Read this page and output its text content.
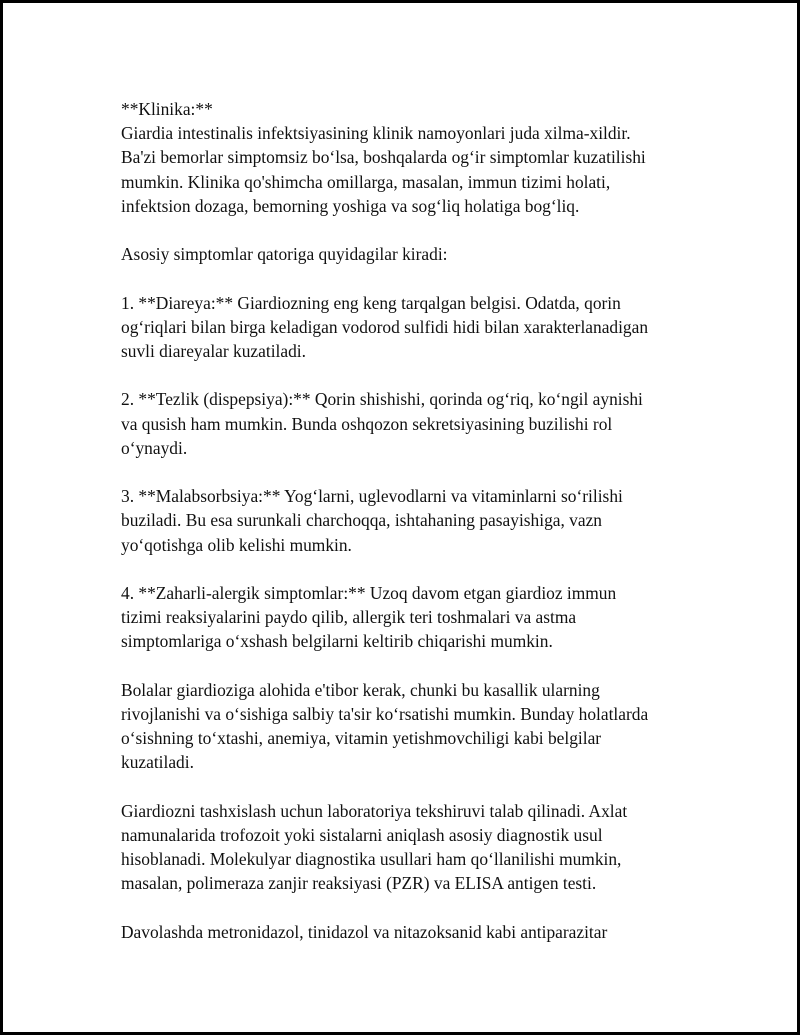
**Klinika:**
Giardia intestinalis infektsiyasining klinik namoyonlari juda xilma-xildir.
Ba'zi bemorlar simptomsiz bo‘lsa, boshqalarda og‘ir simptomlar kuzatilishi
mumkin. Klinika qo'shimcha omillarga, masalan, immun tizimi holati,
infektsion dozaga, bemorning yoshiga va sog‘liq holatiga bog‘liq.

Asosiy simptomlar qatoriga quyidagilar kiradi:

1. **Diareya:** Giardiozning eng keng tarqalgan belgisi. Odatda, qorin
og‘riqlari bilan birga keladigan vodorod sulfidi hidi bilan xarakterlanadigan
suvli diareyalar kuzatiladi.

2. **Tezlik (dispepsiya):** Qorin shishishi, qorinda og‘riq, ko‘ngil aynishi
va qusish ham mumkin. Bunda oshqozon sekretsiyasining buzilishi rol
o‘ynaydi.

3. **Malabsorbsiya:** Yog‘larni, uglevodlarni va vitaminlarni so‘rilishi
buziladi. Bu esa surunkali charchoqqa, ishtahaning pasayishiga, vazn
yo‘qotishga olib kelishi mumkin.

4. **Zaharli-alergik simptomlar:** Uzoq davom etgan giardioz immun
tizimi reaksiyalarini paydo qilib, allergik teri toshmalari va astma
simptomlariga o‘xshash belgilarni keltirib chiqarishi mumkin.

Bolalar giardioziga alohida e'tibor kerak, chunki bu kasallik ularning
rivojlanishi va o‘sishiga salbiy ta'sir ko‘rsatishi mumkin. Bunday holatlarda
o‘sishning to‘xtashi, anemiya, vitamin yetishmovchiligi kabi belgilar
kuzatiladi.

Giardiozni tashxislash uchun laboratoriya tekshiruvi talab qilinadi. Axlat
namunalarida trofozoit yoki sistalarni aniqlash asosiy diagnostik usul
hisoblanadi. Molekulyar diagnostika usullari ham qo‘llanilishi mumkin,
masalan, polimeraza zanjir reaksiyasi (PZR) va ELISA antigen testi.

Davolashda metronidazol, tinidazol va nitazoksanid kabi antiparazitar
